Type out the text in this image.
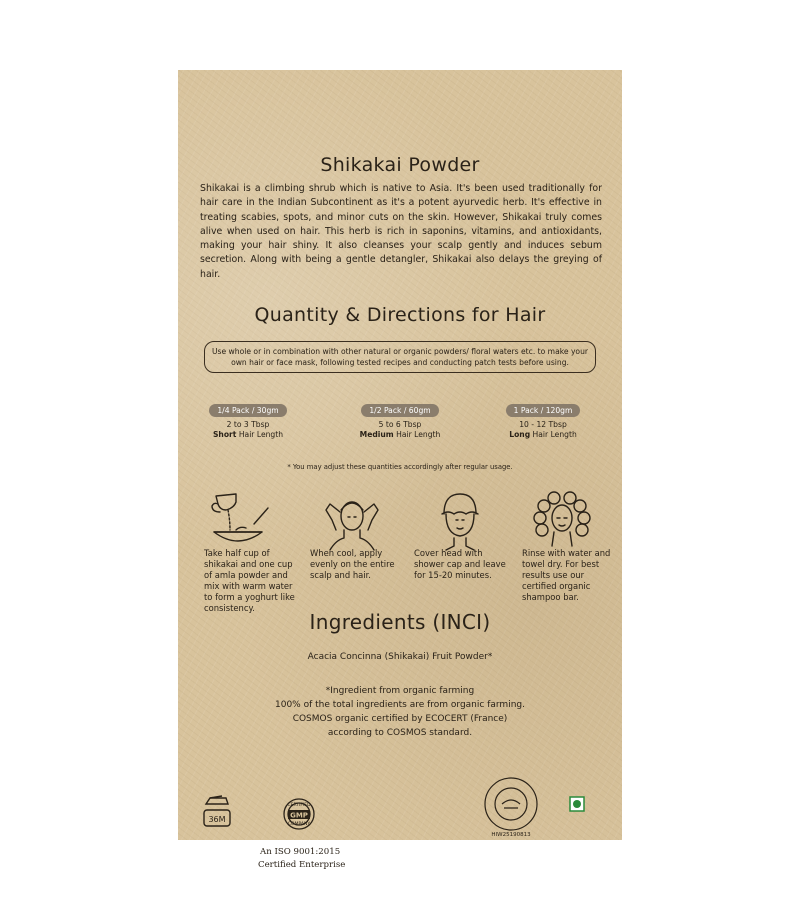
Shikakai Powder
Shikakai is a climbing shrub which is native to Asia. It's been used traditionally for hair care in the Indian Subcontinent as it's a potent ayurvedic herb. It's effective in treating scabies, spots, and minor cuts on the skin. However, Shikakai truly comes alive when used on hair. This herb is rich in saponins, vitamins, and antioxidants, making your hair shiny. It also cleanses your scalp gently and induces sebum secretion. Along with being a gentle detangler, Shikakai also delays the greying of hair.
Quantity & Directions for Hair
Use whole or in combination with other natural or organic powders/ floral waters etc. to make your own hair or face mask, following tested recipes and conducting patch tests before using.
1/4 Pack / 30gm
2 to 3 Tbsp
Short Hair Length
1/2 Pack / 60gm
5 to 6 Tbsp
Medium Hair Length
1 Pack / 120gm
10 - 12 Tbsp
Long Hair Length
* You may adjust these quantities accordingly after regular usage.
Take half cup of shikakai and one cup of amla powder and mix with warm water to form a yoghurt like consistency.
When cool, apply evenly on the entire scalp and hair.
Cover head with shower cap and leave for 15-20 minutes.
Rinse with water and towel dry. For best results use our certified organic shampoo bar.
Ingredients (INCI)
Acacia Concinna (Shikakai) Fruit Powder*
*Ingredient from organic farming
100% of the total ingredients are from organic farming.
COSMOS organic certified by ECOCERT (France)
according to COSMOS standard.
36M
CERTIFIED
GMP
COMPANY
An ISO 9001:2015
Certified Enterprise
HIW25190813
